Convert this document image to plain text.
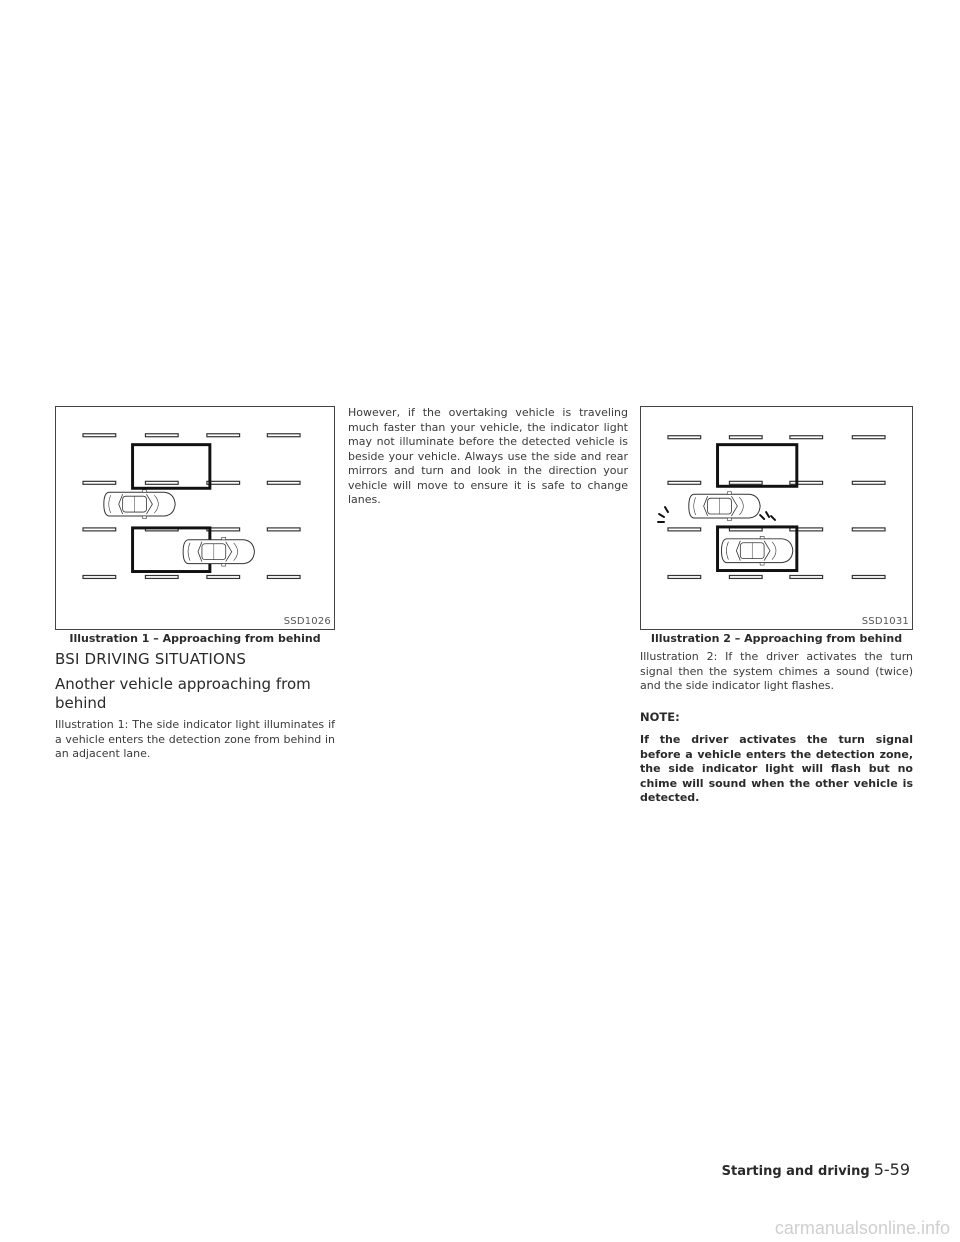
SSD1026
Illustration 1 – Approaching from behind
SSD1031
Illustration 2 – Approaching from behind
BSI DRIVING SITUATIONS
Another vehicle approaching from behind

Illustration 1: The side indicator light illuminates if a vehicle enters the detection zone from behind in an adjacent lane.

However, if the overtaking vehicle is traveling much faster than your vehicle, the indicator light may not illuminate before the detected vehicle is beside your vehicle. Always use the side and rear mirrors and turn and look in the direction your vehicle will move to ensure it is safe to change lanes.

Illustration 2: If the driver activates the turn signal then the system chimes a sound (twice) and the side indicator light flashes.

NOTE:

If the driver activates the turn signal before a vehicle enters the detection zone, the side indicator light will flash but no chime will sound when the other vehicle is detected.

Starting and driving 5-59
carmanualsonline.info
